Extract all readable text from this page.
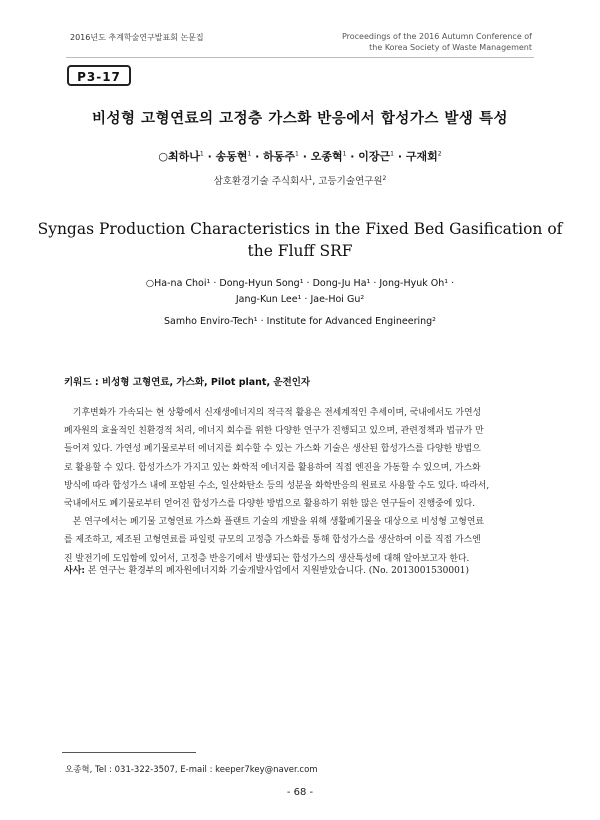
2016년도 추계학술연구발표회 논문집	Proceedings of the 2016 Autumn Conference of
the Korea Society of Waste Management
P3-17
비성형 고형연료의 고정층 가스화 반응에서 합성가스 발생 특성
○최하나$^1$ · 송동현$^1$ · 하동주$^1$ · 오종혁$^1$ · 이장근$^1$ · 구재회$^2$
삼호환경기술 주식회사$^1$, 고등기술연구원$^2$
Syngas Production Characteristics in the Fixed Bed Gasification of
the Fluff SRF
○Ha-na Choi¹ · Dong-Hyun Song¹ · Dong-Ju Ha¹ · Jong-Hyuk Oh¹ ·
Jang-Kun Lee¹ · Jae-Hoi Gu²
Samho Enviro-Tech¹ · Institute for Advanced Engineering²
키워드 : 비성형 고형연료, 가스화, Pilot plant, 운전인자
기후변화가 가속되는 현 상황에서 신재생에너지의 적극적 활용은 전세계적인 추세이며, 국내에서도 가연성
폐자원의 효율적인 친환경적 처리, 에너지 회수를 위한 다양한 연구가 진행되고 있으며, 관련정책과 법규가 만
들어져 있다. 가연성 폐기물로부터 에너지를 회수할 수 있는 가스화 기술은 생산된 합성가스를 다양한 방법으
로 활용할 수 있다. 합성가스가 가지고 있는 화학적 에너지를 활용하여 직접 엔진을 가동할 수 있으며, 가스화
방식에 따라 합성가스 내에 포함된 수소, 일산화탄소 등의 성분을 화학반응의 원료로 사용할 수도 있다. 따라서,
국내에서도 폐기물로부터 얻어진 합성가스를 다양한 방법으로 활용하기 위한 많은 연구들이 진행중에 있다.
본 연구에서는 폐기물 고형연료 가스화 플랜트 기술의 개발을 위해 생활폐기물을 대상으로 비성형 고형연료
를 제조하고, 제조된 고형연료를 파일럿 규모의 고정층 가스화를 통해 합성가스를 생산하여 이를 직접 가스엔
진 발전기에 도입함에 있어서, 고정층 반응기에서 발생되는 합성가스의 생산특성에 대해 알아보고자 한다.
사사: 본 연구는 환경부의 폐자원에너지화 기술개발사업에서 지원받았습니다. (No. 2013001530001)
오종혁, Tel : 031-322-3507, E-mail : keeper7key@naver.com
- 68 -
